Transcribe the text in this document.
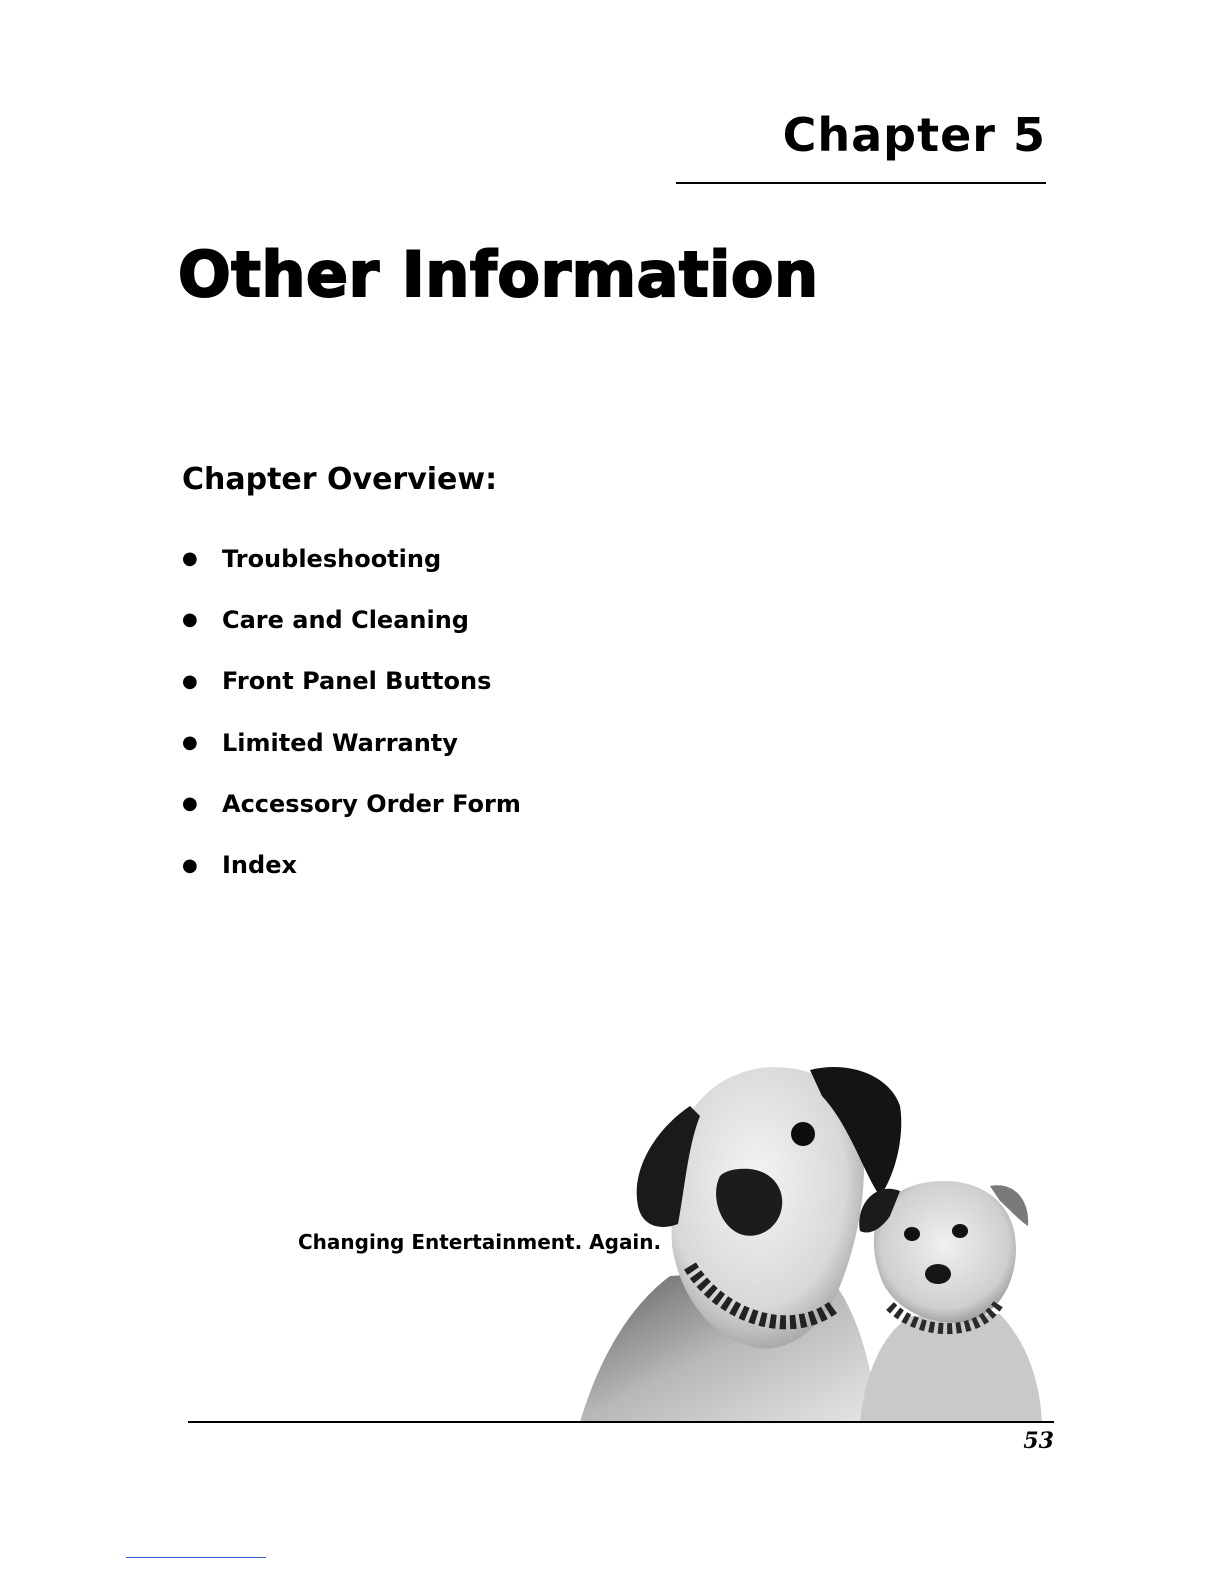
Chapter 5
Other Information
Chapter Overview:
●	Troubleshooting
●	Care and Cleaning
●	Front Panel Buttons
●	Limited Warranty
●	Accessory Order Form
●	Index

Changing Entertainment. Again.

53
